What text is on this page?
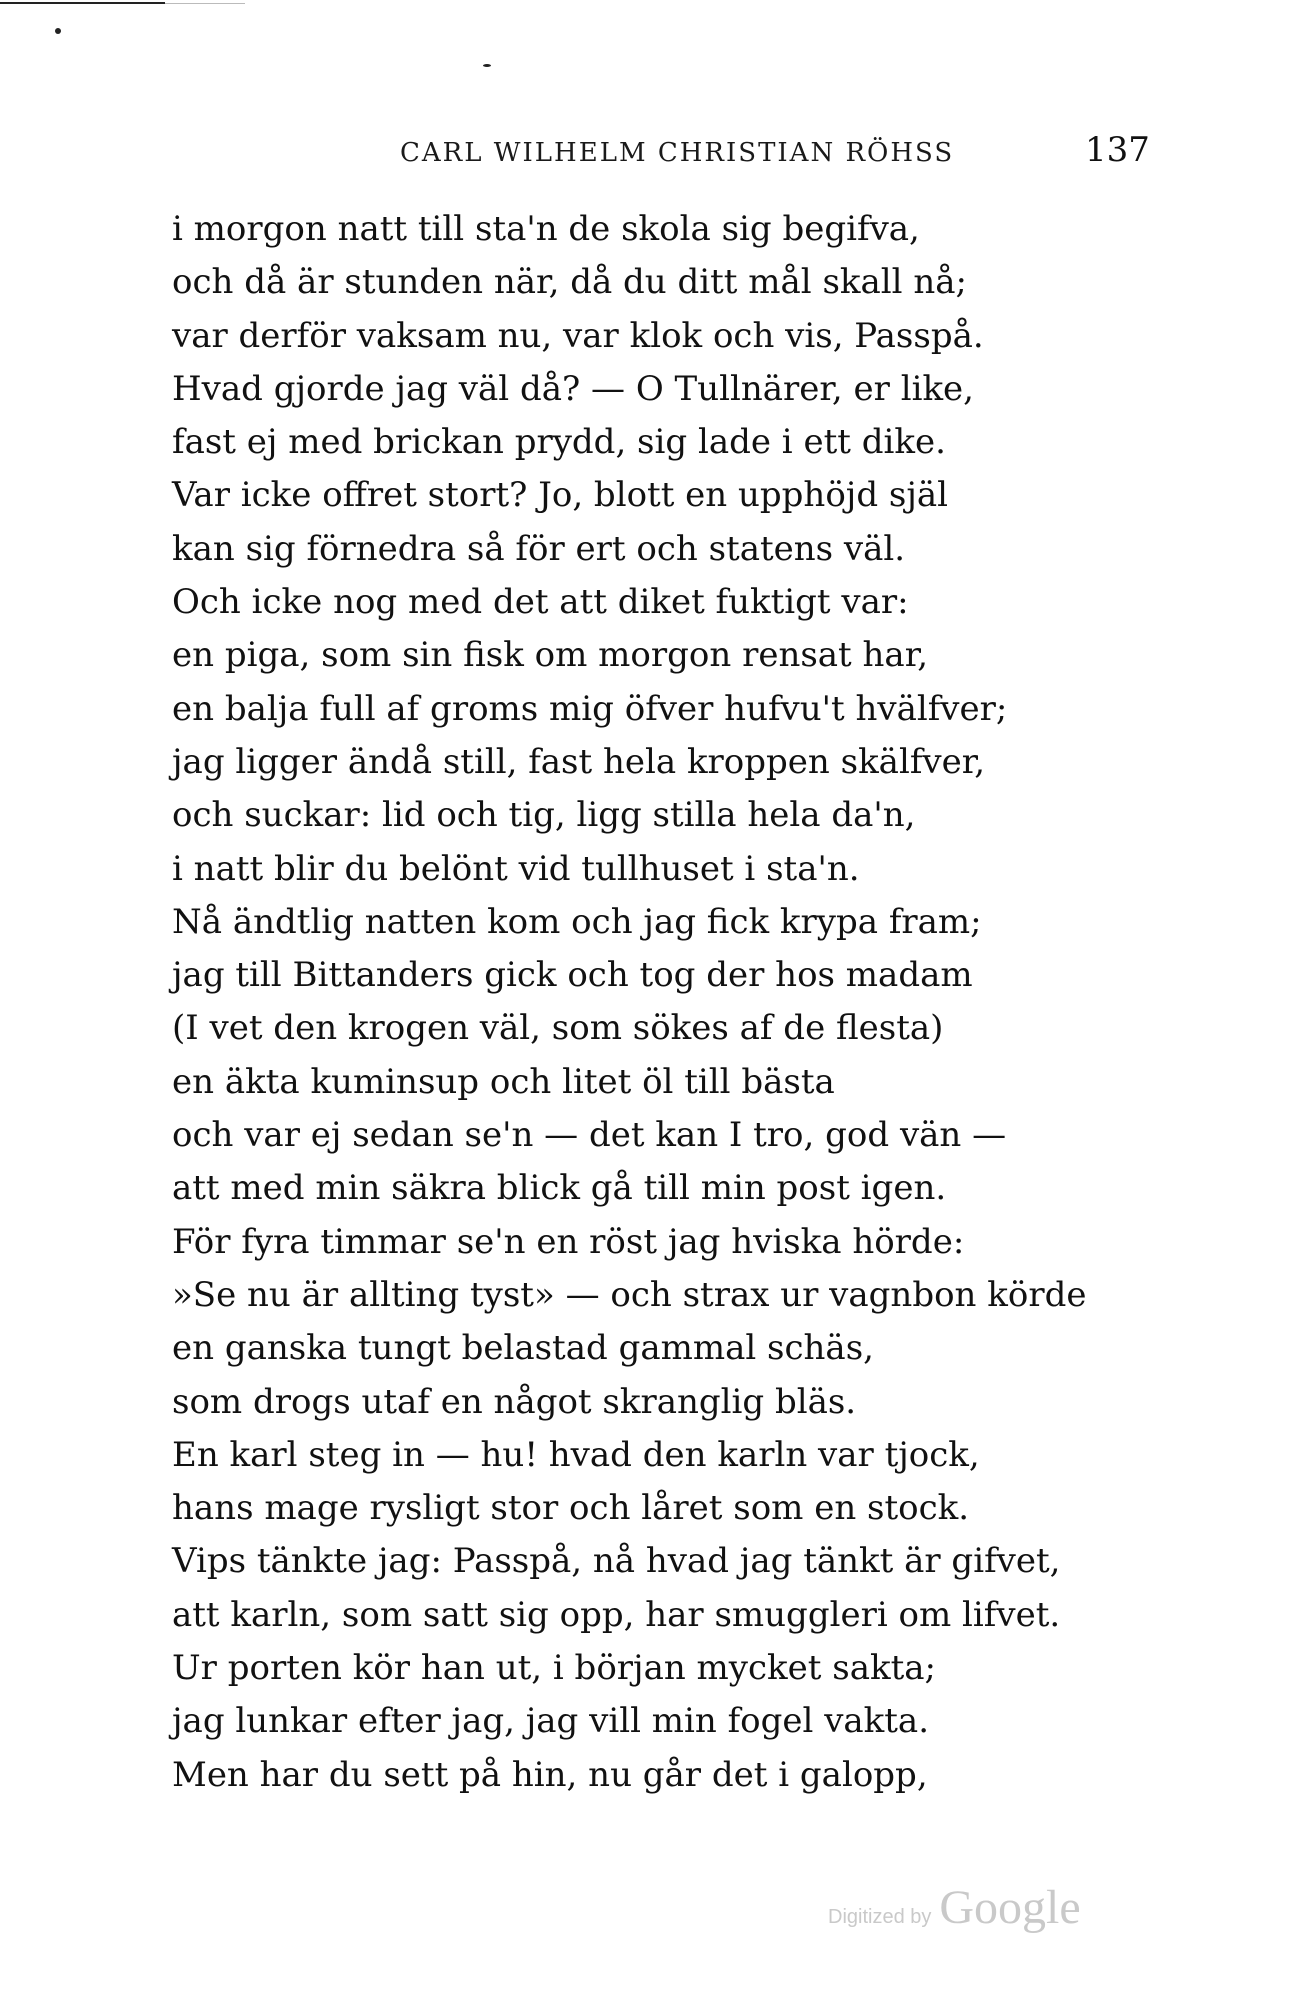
CARL WILHELM CHRISTIAN RÖHSS	137
i morgon natt till sta'n de skola sig begifva,
och då är stunden när, då du ditt mål skall nå;
var derför vaksam nu, var klok och vis, Passpå.
Hvad gjorde jag väl då? — O Tullnärer, er like,
fast ej med brickan prydd, sig lade i ett dike.
Var icke offret stort? Jo, blott en upphöjd själ
kan sig förnedra så för ert och statens väl.
Och icke nog med det att diket fuktigt var:
en piga, som sin fisk om morgon rensat har,
en balja full af groms mig öfver hufvu't hvälfver;
jag ligger ändå still, fast hela kroppen skälfver,
och suckar: lid och tig, ligg stilla hela da'n,
i natt blir du belönt vid tullhuset i sta'n.
Nå ändtlig natten kom och jag fick krypa fram;
jag till Bittanders gick och tog der hos madam
(I vet den krogen väl, som sökes af de flesta)
en äkta kuminsup och litet öl till bästa
och var ej sedan se'n — det kan I tro, god vän —
att med min säkra blick gå till min post igen.
För fyra timmar se'n en röst jag hviska hörde:
»Se nu är allting tyst» — och strax ur vagnbon körde
en ganska tungt belastad gammal schäs,
som drogs utaf en något skranglig bläs.
En karl steg in — hu! hvad den karln var tjock,
hans mage rysligt stor och låret som en stock.
Vips tänkte jag: Passpå, nå hvad jag tänkt är gifvet,
att karln, som satt sig opp, har smuggleri om lifvet.
Ur porten kör han ut, i början mycket sakta;
jag lunkar efter jag, jag vill min fogel vakta.
Men har du sett på hin, nu går det i galopp,
Digitized by Google
